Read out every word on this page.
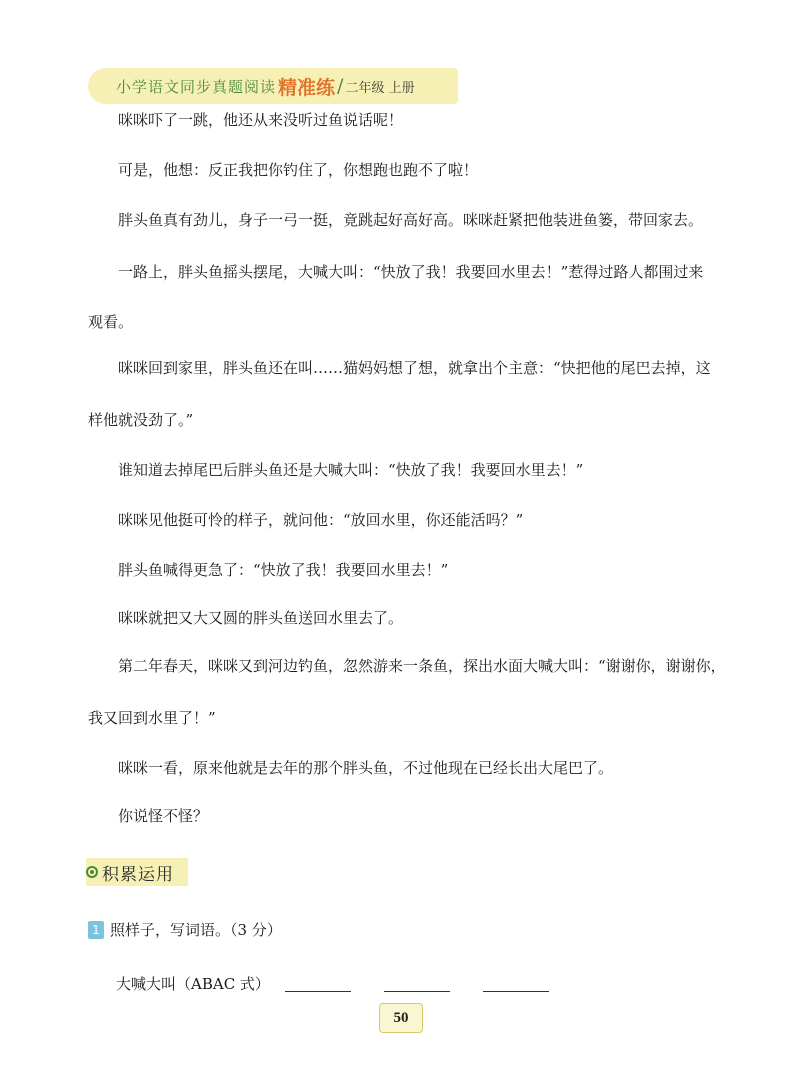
小学语文同步真题阅读 精准练 / 二年级 上册
咪咪吓了一跳，他还从来没听过鱼说话呢！
可是，他想：反正我把你钓住了，你想跑也跑不了啦！
胖头鱼真有劲儿，身子一弓一挺，竟跳起好高好高。咪咪赶紧把他装进鱼篓，带回家去。
一路上，胖头鱼摇头摆尾，大喊大叫：“快放了我！我要回水里去！”惹得过路人都围过来
观看。
咪咪回到家里，胖头鱼还在叫……猫妈妈想了想，就拿出个主意：“快把他的尾巴去掉，这
样他就没劲了。”
谁知道去掉尾巴后胖头鱼还是大喊大叫：“快放了我！我要回水里去！”
咪咪见他挺可怜的样子，就问他：“放回水里，你还能活吗？”
胖头鱼喊得更急了：“快放了我！我要回水里去！”
咪咪就把又大又圆的胖头鱼送回水里去了。
第二年春天，咪咪又到河边钓鱼，忽然游来一条鱼，探出水面大喊大叫：“谢谢你，谢谢你，
我又回到水里了！”
咪咪一看，原来他就是去年的那个胖头鱼，不过他现在已经长出大尾巴了。
你说怪不怪？
积累运用
1 照样子，写词语。（3 分）
大喊大叫（ABAC 式）
50
